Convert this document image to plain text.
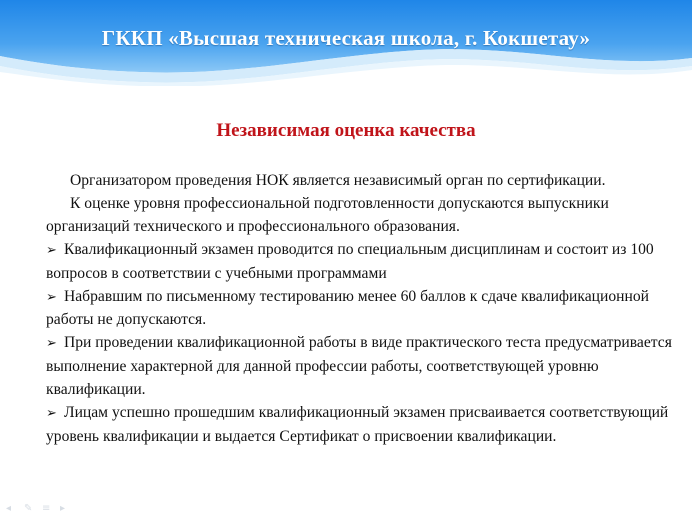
ГККП «Высшая техническая школа, г. Кокшетау»
Независимая оценка качества

Организатором проведения НОК является независимый орган по сертификации.

К оценке уровня профессиональной подготовленности допускаются выпускники организаций технического и профессионального образования.

➢ Квалификационный экзамен проводится по специальным дисциплинам и состоит из 100 вопросов в соответствии с учебными программами

➢ Набравшим по письменному тестированию менее 60 баллов к сдаче квалификационной работы не допускаются.

➢ При проведении квалификационной работы в виде практического теста предусматривается выполнение характерной для данной профессии работы, соответствующей уровню квалификации.

➢ Лицам успешно прошедшим квалификационный экзамен присваивается соответствующий уровень квалификации и выдается Сертификат о присвоении квалификации.

◂	✎ ≡ ▸
